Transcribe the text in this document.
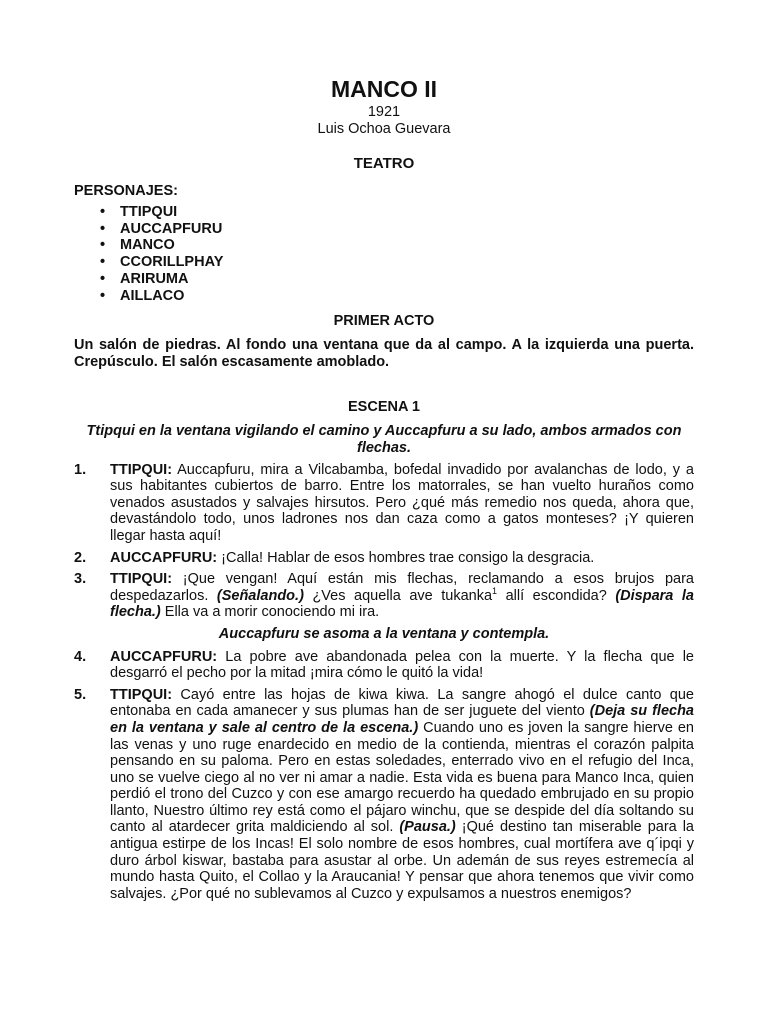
MANCO II
1921
Luis Ochoa Guevara
TEATRO
PERSONAJES:
• TTIPQUI
• AUCCAPFURU
• MANCO
• CCORILLPHAY
• ARIRUMA
• AILLACO
PRIMER ACTO
Un salón de piedras. Al fondo una ventana que da al campo. A la izquierda una puerta. Crepúsculo. El salón escasamente amoblado.
ESCENA 1
Ttipqui en la ventana vigilando el camino y Auccapfuru a su lado, ambos armados con flechas.
1. TTIPQUI: Auccapfuru, mira a Vilcabamba, bofedal invadido por avalanchas de lodo, y a sus habitantes cubiertos de barro. Entre los matorrales, se han vuelto huraños como venados asustados y salvajes hirsutos. Pero ¿qué más remedio nos queda, ahora que, devastándolo todo, unos ladrones nos dan caza como a gatos monteses? ¡Y quieren llegar hasta aquí!
2. AUCCAPFURU: ¡Calla! Hablar de esos hombres trae consigo la desgracia.
3. TTIPQUI: ¡Que vengan! Aquí están mis flechas, reclamando a esos brujos para despedazarlos. (Señalando.) ¿Ves aquella ave tukanka$^1$ allí escondida? (Dispara la flecha.) Ella va a morir conociendo mi ira.
Auccapfuru se asoma a la ventana y contempla.
4. AUCCAPFURU: La pobre ave abandonada pelea con la muerte. Y la flecha que le desgarró el pecho por la mitad ¡mira cómo le quitó la vida!
5. TTIPQUI: Cayó entre las hojas de kiwa kiwa. La sangre ahogó el dulce canto que entonaba en cada amanecer y sus plumas han de ser juguete del viento (Deja su flecha en la ventana y sale al centro de la escena.) Cuando uno es joven la sangre hierve en las venas y uno ruge enardecido en medio de la contienda, mientras el corazón palpita pensando en su paloma. Pero en estas soledades, enterrado vivo en el refugio del Inca, uno se vuelve ciego al no ver ni amar a nadie. Esta vida es buena para Manco Inca, quien perdió el trono del Cuzco y con ese amargo recuerdo ha quedado embrujado en su propio llanto, Nuestro último rey está como el pájaro winchu, que se despide del día soltando su canto al atardecer grita maldiciendo al sol. (Pausa.) ¡Qué destino tan miserable para la antigua estirpe de los Incas! El solo nombre de esos hombres, cual mortífera ave q´ipqi y duro árbol kiswar, bastaba para asustar al orbe. Un ademán de sus reyes estremecía al mundo hasta Quito, el Collao y la Araucania! Y pensar que ahora tenemos que vivir como salvajes. ¿Por qué no sublevamos al Cuzco y expulsamos a nuestros enemigos?
